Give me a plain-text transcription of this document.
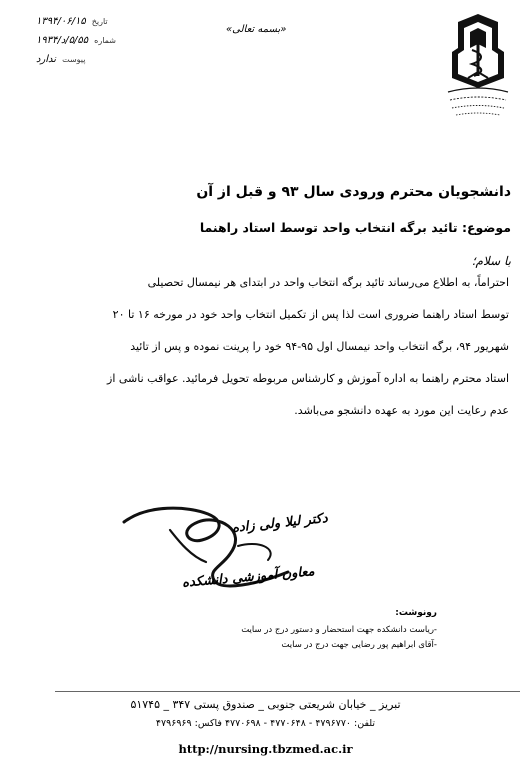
تاریخ
۱۳۹۴/۰۶/۱۵
شماره
۵/۵۵/د/۱۹۳۴
پیوست
ندارد
«بسمه تعالی»
دانشجویان محترم ورودی سال ۹۳ و قبل از آن
موضوع: تائید برگه انتخاب واحد توسط استاد راهنما
با سلام؛

احتراماً، به اطلاع می‌رساند تائید برگه انتخاب واحد در ابتدای هر نیمسال تحصیلی

توسط استاد راهنما ضروری است لذا پس از تکمیل انتخاب واحد خود در مورخه ۱۶ تا ۲۰

شهریور ۹۴، برگه انتخاب واحد نیمسال اول ۹۵-۹۴ خود را پرینت نموده و پس از تائید

استاد محترم راهنما به اداره آموزش و کارشناس مربوطه تحویل فرمائید. عواقب ناشی از

عدم رعایت این مورد به عهده دانشجو می‌باشد.

دکتر لیلا ولی زاده
معاون آموزشی دانشکده
رونوشت:
-ریاست دانشکده جهت استحضار و دستور درج در سایت
-آقای ابراهیم پور رضایی جهت درج در سایت
تبریز _ خیابان شریعتی جنوبی _ صندوق پستی ۳۴۷ _ ۵۱۷۴۵
تلفن: ۴۷۹۶۷۷۰ - ۴۷۷۰۶۴۸ - ۴۷۷۰۶۹۸ فاکس: ۴۷۹۶۹۶۹
http://nursing.tbzmed.ac.ir
